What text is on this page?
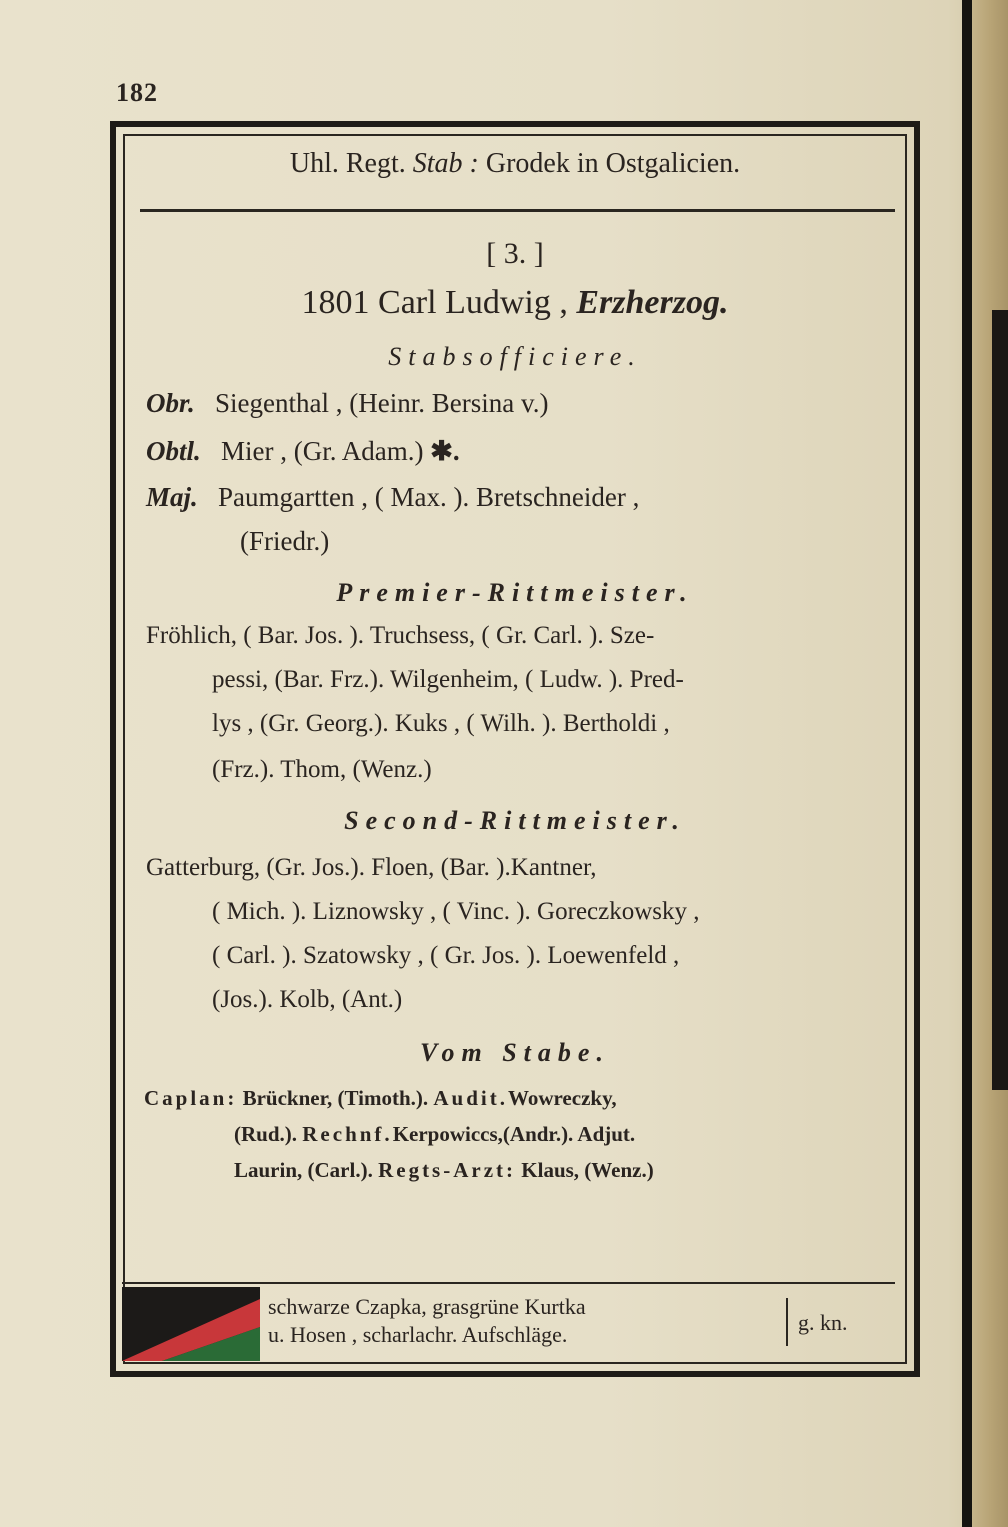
182
Uhl. Regt. Stab : Grodek in Ostgalicien.
[ 3. ]
1801 Carl Ludwig , Erzherzog.
Stabsofficiere.
Obr. Siegenthal , (Heinr. Bersina v.)
Obtl. Mier , (Gr. Adam.) ✱.
Maj. Paumgartten , ( Max. ). Bretschneider ,
(Friedr.)
Premier-Rittmeister.
Fröhlich, ( Bar. Jos. ). Truchsess, ( Gr. Carl. ). Sze-
pessi, (Bar. Frz.). Wilgenheim, ( Ludw. ). Pred-
lys , (Gr. Georg.). Kuks , ( Wilh. ). Bertholdi ,
(Frz.). Thom, (Wenz.)
Second-Rittmeister.
Gatterburg, (Gr. Jos.). Floen, (Bar. ).Kantner,
( Mich. ). Liznowsky , ( Vinc. ). Goreczkowsky ,
( Carl. ). Szatowsky , ( Gr. Jos. ). Loewenfeld ,
(Jos.). Kolb, (Ant.)
Vom Stabe.
Caplan: Brückner, (Timoth.). Audit.Wowreczky,
(Rud.). Rechnf.Kerpowiccs,(Andr.). Adjut.
Laurin, (Carl.). Regts-Arzt: Klaus, (Wenz.)
schwarze Czapka, grasgrüne Kurtka
u. Hosen , scharlachr. Aufschläge.	g. kn.
